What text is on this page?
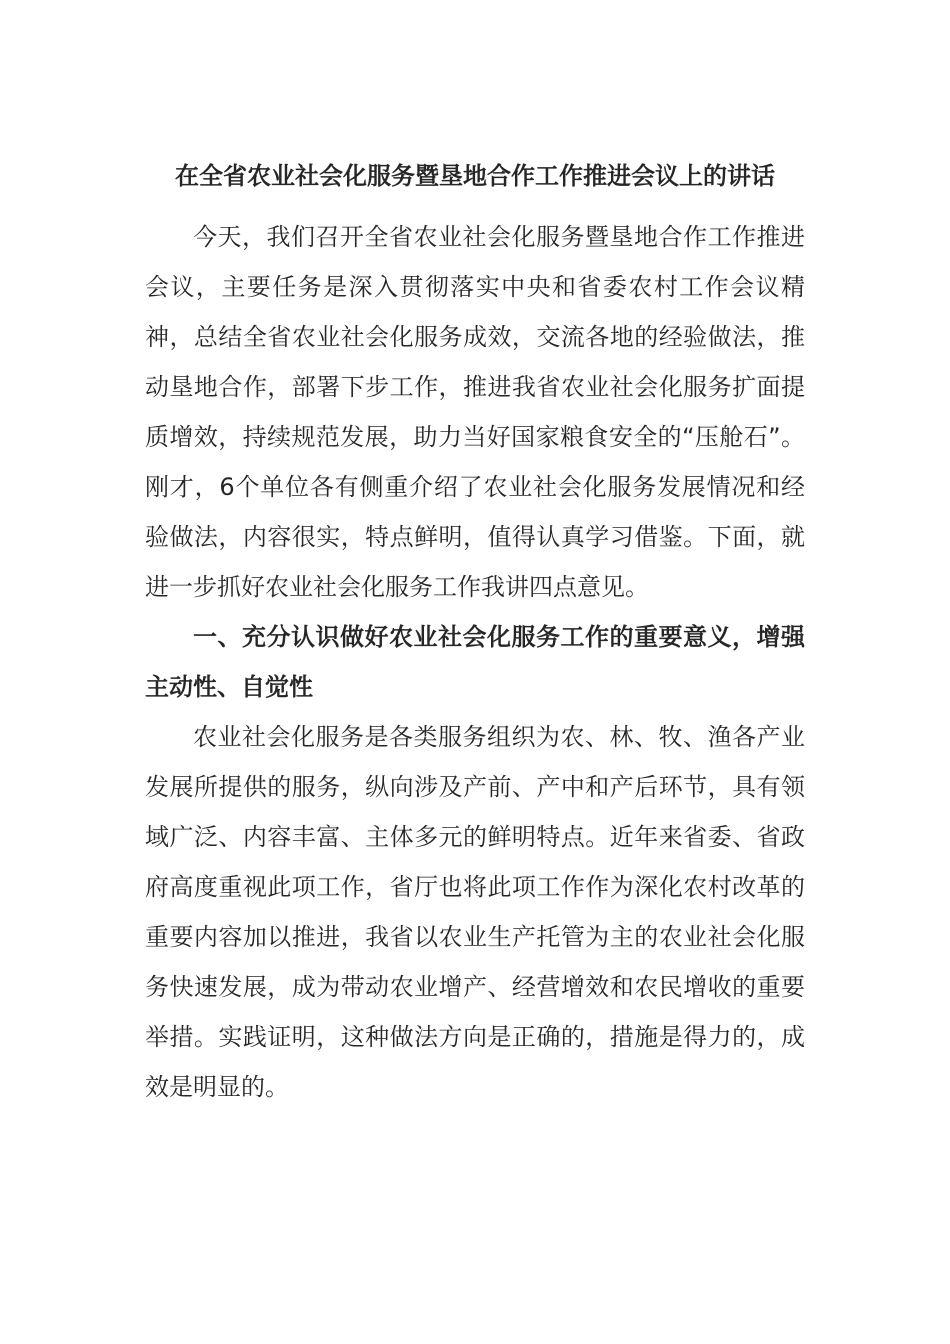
在全省农业社会化服务暨垦地合作工作推进会议上的讲话

今天，我们召开全省农业社会化服务暨垦地合作工作推进会议，主要任务是深入贯彻落实中央和省委农村工作会议精神，总结全省农业社会化服务成效，交流各地的经验做法，推动垦地合作，部署下步工作，推进我省农业社会化服务扩面提质增效，持续规范发展，助力当好国家粮食安全的“压舱石”。刚才，6个单位各有侧重介绍了农业社会化服务发展情况和经验做法，内容很实，特点鲜明，值得认真学习借鉴。下面，就进一步抓好农业社会化服务工作我讲四点意见。

一、充分认识做好农业社会化服务工作的重要意义，增强主动性、自觉性

农业社会化服务是各类服务组织为农、林、牧、渔各产业发展所提供的服务，纵向涉及产前、产中和产后环节，具有领域广泛、内容丰富、主体多元的鲜明特点。近年来省委、省政府高度重视此项工作，省厅也将此项工作作为深化农村改革的重要内容加以推进，我省以农业生产托管为主的农业社会化服务快速发展，成为带动农业增产、经营增效和农民增收的重要举措。实践证明，这种做法方向是正确的，措施是得力的，成效是明显的。
